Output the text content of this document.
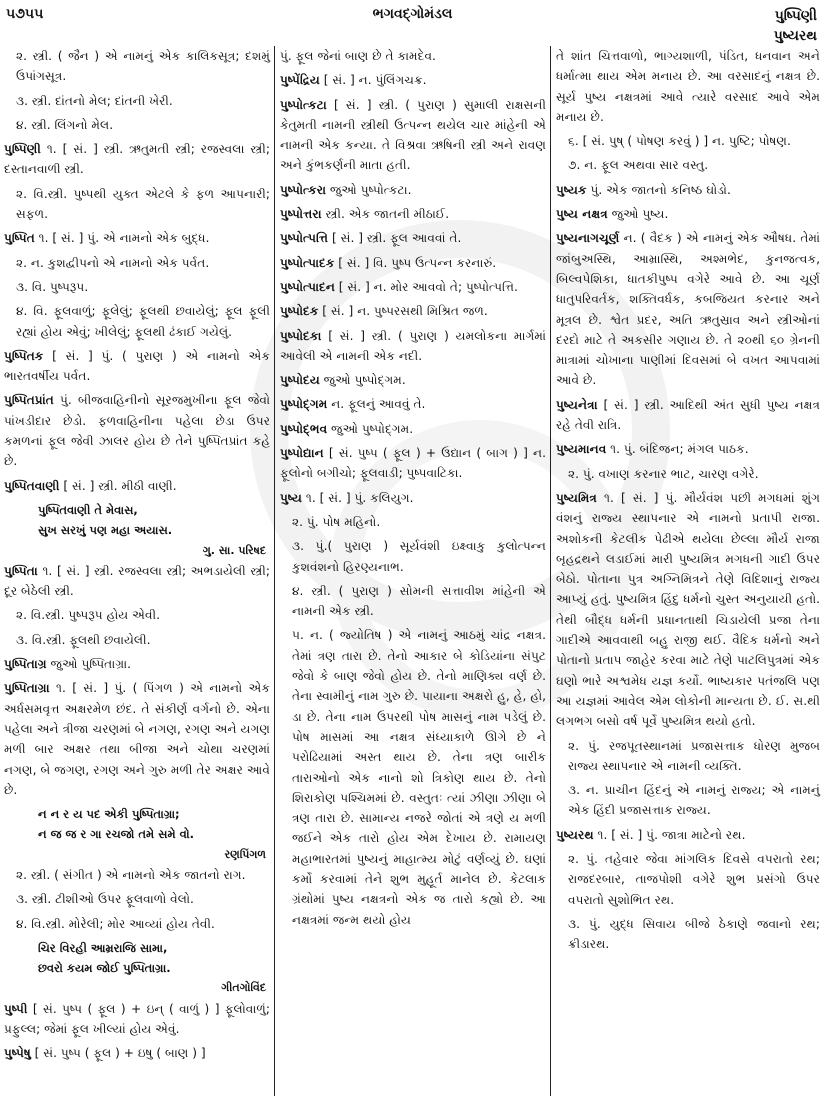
૫૭૫૫	ભગવદ્ગોમંડલ	પુષ્પિણી
પુષ્યરથ
૨. સ્ત્રી. ( જૈન ) એ નામનું એક કાલિકસૂત્ર; દશમું ઉપાંગસૂત્ર.
૩. સ્ત્રી. દાંતનો મેલ; દાંતની ખેરી.
૪. સ્ત્રી. લિંગનો મેલ.
પુષ્પિણી ૧. [ સં. ] સ્ત્રી. ઋતુમતી સ્ત્રી; રજસ્વલા સ્ત્રી; દસ્તાનવાળી સ્ત્રી.
૨. વિ.સ્ત્રી. પુષ્પથી યુક્ત એટલે કે ફળ આપનારી; સફળ.
પુષ્પિત ૧. [ સં. ] પું. એ નામનો એક બુદ્ધ.
૨. ન. કુશદ્વીપનો એ નામનો એક પર્વત.
૩. વિ. પુષ્પરૂપ.
૪. વિ. ફૂલવાળું; ફૂલેલું; ફૂલથી છવાયેલું; ફૂલ ફૂલી રહ્યાં હોય એવું; ખીલેલું; ફૂલથી ઢંકાઈ ગયેલું.
પુષ્પિતક [ સં. ] પું. ( પુરાણ ) એ નામનો એક ભારતવર્ષીય પર્વત.
પુષ્પિતપ્રાંત પું. બીજવાહિનીનો સૂરજમુખીના ફૂલ જેવો પાંખડીદાર છેડો. ફળવાહિનીના પહેલા છેડા ઉપર કમળનાં ફૂલ જેવી ઝાલર હોય છે તેને પુષ્પિતપ્રાંત કહે છે.
પુષ્પિતવાણી [ સં. ] સ્ત્રી. મીઠી વાણી.
પુષ્પિતવાણી તે મેવાસ,
સુખ સરખું પણ મહા અયાસ.
ગુ. સા. પરિષદ
પુષ્પિતા ૧. [ સં. ] સ્ત્રી. રજસ્વલા સ્ત્રી; અભડાયેલી સ્ત્રી; દૂર બેઠેલી સ્ત્રી.
૨. વિ.સ્ત્રી. પુષ્પરૂપ હોય એવી.
૩. વિ.સ્ત્રી. ફૂલથી છવાયેલી.
પુષ્પિતાગ્ર જુઓ પુષ્પિતાગ્રા.
પુષ્પિતાગ્રા ૧. [ સં. ] પું. ( પિંગળ ) એ નામનો એક અર્ધસમવૃત્ત અક્ષરમેળ છંદ. તે સંકીર્ણ વર્ગનો છે. એના પહેલા અને ત્રીજા ચરણમાં બે નગણ, રગણ અને યગણ મળી બાર અક્ષર તથા બીજા અને ચોથા ચરણમાં નગણ, બે જગણ, રગણ અને ગુરુ મળી તેર અક્ષર આવે છે.
ન ન ર ય પદ એકી પુષ્પિતાગ્રા;
ન જ જ ર ગા રચજો તમે સમે વો.
રણપિંગળ
૨. સ્ત્રી. ( સંગીત ) એ નામનો એક જાતનો રાગ.
૩. સ્ત્રી. ટીશીઓ ઉપર ફૂલવાળો વેલો.
૪. વિ.સ્ત્રી. મોરેલી; મોર આવ્યાં હોય તેવી.
ચિર વિરહી આમ્રરાજિ સામા,
છવરો કયમ જોઈ પુષ્પિતાગ્રા.
ગીતગોવિંદ
પુષ્પી [ સં. પુષ્પ ( ફૂલ ) + ઇન્ ( વાળું ) ] ફૂલોવાળું; પ્રફુલ્લ; જેમાં ફૂલ ખીલ્યાં હોય એવું.
પુષ્પેષુ [ સં. પુષ્પ ( ફૂલ ) + ઇષુ ( બાણ ) ]
પું. ફૂલ જેનાં બાણ છે તે કામદેવ.
પુષ્પેંદ્રિય [ સં. ] ન. પુંલિંગચક્ર.
પુષ્પોત્કટા [ સં. ] સ્ત્રી. ( પુરાણ ) સુમાલી રાક્ષસની કેતુમતી નામની સ્ત્રીથી ઉત્પન્ન થયેલ ચાર માંહેની એ નામની એક કન્યા. તે વિશ્રવા ઋષિની સ્ત્રી અને રાવણ અને કુંભકર્ણની માતા હતી.
પુષ્પોત્કરા જુઓ પુષ્પોત્કટા.
પુષ્પોત્તરા સ્ત્રી. એક જાતની મીઠાઈ.
પુષ્પોત્પત્તિ [ સં. ] સ્ત્રી. ફૂલ આવવાં તે.
પુષ્પોત્પાદક [ સં. ] વિ. પુષ્પ ઉત્પન્ન કરનારું.
પુષ્પોત્પાદન [ સં. ] ન. મોર આવવો તે; પુષ્પોત્પત્તિ.
પુષ્પોદક [ સં. ] ન. પુષ્પરસથી મિશ્રિત જળ.
પુષ્પોદકા [ સં. ] સ્ત્રી. ( પુરાણ ) યમલોકના માર્ગમાં આવેલી એ નામની એક નદી.
પુષ્પોદય જુઓ પુષ્પોદ્ગમ.
પુષ્પોદ્ગમ ન. ફૂલનું આવવું તે.
પુષ્પોદ્ભવ જુઓ પુષ્પોદ્ગમ.
પુષ્પોદ્યાન [ સં. પુષ્પ ( ફૂલ ) + ઉદ્યાન ( બાગ ) ] ન. ફૂલોનો બગીચો; ફૂલવાડી; પુષ્પવાટિકા.
પુષ્ય ૧. [ સં. ] પું. કલિયુગ.
૨. પું. પોષ મહિનો.
૩. પું.( પુરાણ ) સૂર્યવંશી ઇક્ષ્વાકુ કુલોત્પન્ન કુશવંશનો હિરણ્યનાભ.
૪. સ્ત્રી. ( પુરાણ ) સોમની સત્તાવીશ માંહેની એ નામની એક સ્ત્રી.
૫. ન. ( જ્યોતિષ ) એ નામનું આઠમું ચાંદ્ર નક્ષત્ર. તેમાં ત્રણ તારા છે. તેનો આકાર બે કોડિયાંના સંપુટ જેવો કે બાણ જેવો હોય છે. તેનો માણિક્ય વર્ણ છે. તેના સ્વામીનું નામ ગુરુ છે. પાયાના અક્ષરો હુ, હે, હો, ડા છે. તેના નામ ઉપરથી પોષ માસનું નામ પડેલું છે. પોષ માસમાં આ નક્ષત્ર સંધ્યાકાળે ઊગે છે ને પરોઢિયામાં અસ્ત થાય છે. તેના ત્રણ બારીક તારાઓનો એક નાનો શો ત્રિકોણ થાય છે. તેનો શિરાકોણ પશ્ચિમમાં છે. વસ્તુતઃ ત્યાં ઝીણા ઝીણા બે ત્રણ તારા છે. સામાન્ય નજરે જોતાં એ ત્રણે ય મળી જઈને એક તારો હોય એમ દેખાય છે. રામાયણ મહાભારતમાં પુષ્યનું માહાત્મ્ય મોટું વર્ણવ્યું છે. ઘણાં કર્મો કરવામાં તેને શુભ મુહૂર્ત માનેલ છે. કેટલાક ગ્રંથોમાં પુષ્ય નક્ષત્રનો એક જ તારો કહ્યો છે. આ નક્ષત્રમાં જન્મ થયો હોય
તે શાંત ચિત્તવાળો, ભાગ્યશાળી, પંડિત, ધનવાન અને ધર્માત્મા થાય એમ મનાય છે. આ વરસાદનું નક્ષત્ર છે. સૂર્ય પુષ્ય નક્ષત્રમાં આવે ત્યારે વરસાદ આવે એમ મનાય છે.
૬. [ સં. પુષ્ ( પોષણ કરવું ) ] ન. પુષ્ટિ; પોષણ.
૭. ન. ફૂલ અથવા સાર વસ્તુ.
પુષ્યક પું. એક જાતનો કનિષ્ઠ ઘોડો.
પુષ્ય નક્ષત્ર જુઓ પુષ્ય.
પુષ્યનાગચૂર્ણ ન. ( વૈદક ) એ નામનું એક ઔષધ. તેમાં જાંબુઅસ્થિ, આમ્રાસ્થિ, અશ્મભેદ, કુનજત્વક, બિલ્વપેશિકા, ધાતકીપુષ્પ વગેરે આવે છે. આ ચૂર્ણ ધાતુપરિવર્તક, શક્તિવર્ધક, કબજિયત કરનાર અને મૂત્રલ છે. શ્વેત પ્રદર, અતિ ઋતુસ્રાવ અને સ્ત્રીઓનાં દરદો માટે તે અકસીર ગણાય છે. તે ૨૦થી ૬૦ ગ્રેનની માત્રામાં ચોખાના પાણીમાં દિવસમાં બે વખત આપવામાં આવે છે.
પુષ્યનેત્રા [ સં. ] સ્ત્રી. આદિથી અંત સુધી પુષ્ય નક્ષત્ર રહે તેવી રાત્રિ.
પુષ્યમાનવ ૧. પું. બંદિજન; મંગલ પાઠક.
૨. પું. વખાણ કરનાર ભાટ, ચારણ વગેરે.
પુષ્યમિત્ર ૧. [ સં. ] પું. મૌર્યવંશ પછી મગધમાં શુંગ વંશનું રાજ્ય સ્થાપનાર એ નામનો પ્રતાપી રાજા. અશોકની કેટલીક પેઢીએ થયેલા છેલ્લા મૌર્ય રાજા બૃહદ્રથને લડાઈમાં મારી પુષ્યમિત્ર મગધની ગાદી ઉપર બેઠો. પોતાના પુત્ર અગ્નિમિત્રને તેણે વિદિશાનું રાજ્ય આપ્યું હતું. પુષ્યમિત્ર હિંદુ ધર્મનો ચુસ્ત અનુયાયી હતો. તેથી બૌદ્ધ ધર્મની પ્રધાનતાથી ચિડાયેલી પ્રજા તેના ગાદીએ આવવાથી બહુ રાજી થઈ. વૈદિક ધર્મનો અને પોતાનો પ્રતાપ જાહેર કરવા માટે તેણે પાટલિપુત્રમાં એક ઘણો ભારે અશ્વમેધ યજ્ઞ કર્યો. ભાષ્યકાર પતંજલિ પણ આ યજ્ઞમાં આવેલ એમ લોકોની માન્યતા છે. ઈ. સ.થી લગભગ બસો વર્ષ પૂર્વે પુષ્યમિત્ર થયો હતો.
૨. પું. રજપૂતસ્થાનમાં પ્રજાસત્તાક ધોરણ મુજબ રાજ્ય સ્થાપનાર એ નામની વ્યક્તિ.
૩. ન. પ્રાચીન હિંદનું એ નામનું રાજ્ય; એ નામનું એક હિંદી પ્રજાસત્તાક રાજ્ય.
પુષ્યરથ ૧. [ સં. ] પું. જાત્રા માટેનો રથ.
૨. પું. તહેવાર જેવા માંગલિક દિવસે વપરાતો રથ; રાજદરબાર, તાજપોશી વગેરે શુભ પ્રસંગો ઉપર વપરાતો સુશોભિત રથ.
૩. પું. યુદ્ધ સિવાય બીજે ઠેકાણે જવાનો રથ; ક્રીડારથ.
